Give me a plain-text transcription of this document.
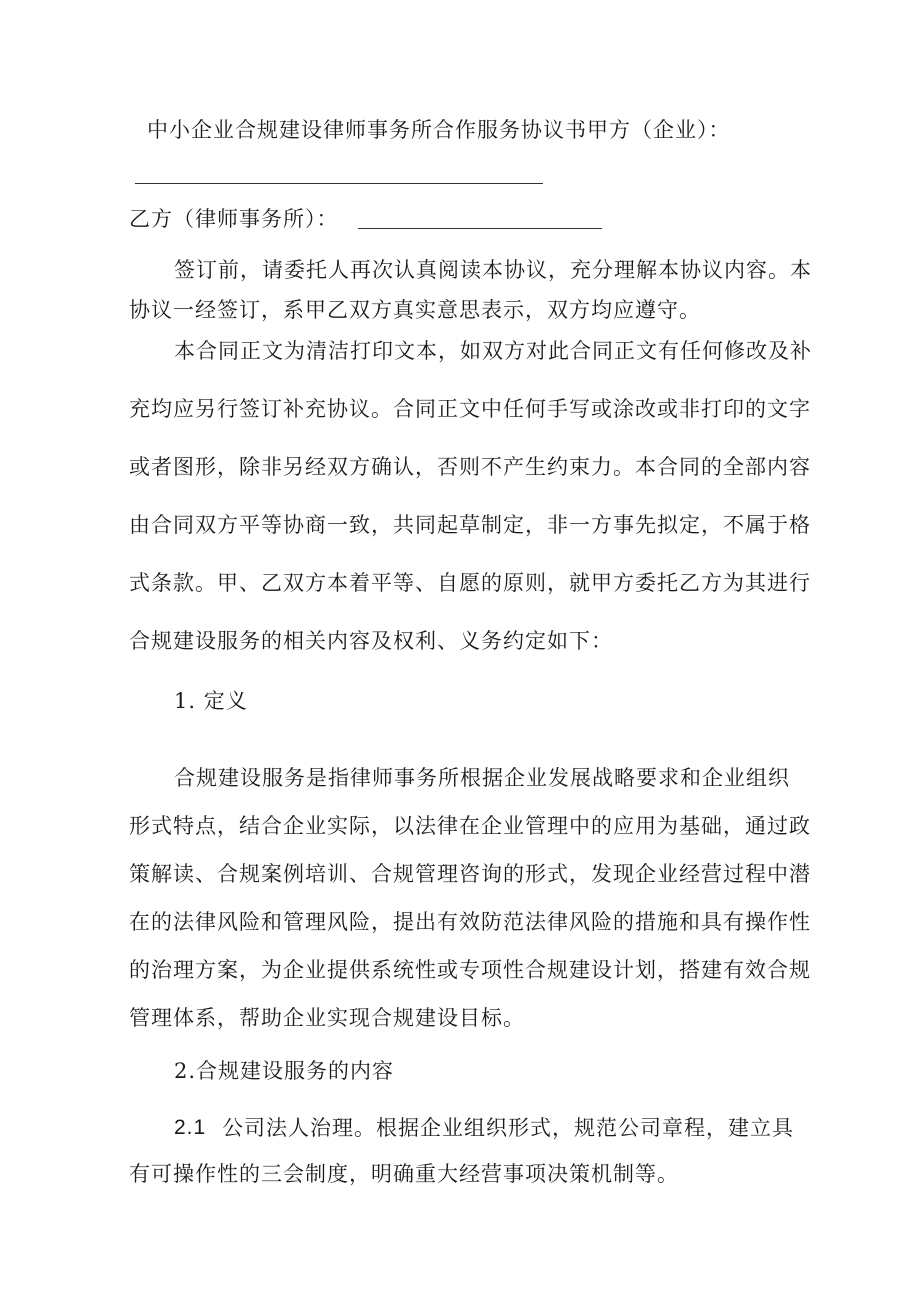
中小企业合规建设律师事务所合作服务协议书甲方（企业）：
乙方（律师事务所）：
签订前，请委托人再次认真阅读本协议，充分理解本协议内容。本
协议一经签订，系甲乙双方真实意思表示，双方均应遵守。
本合同正文为清洁打印文本，如双方对此合同正文有任何修改及补
充均应另行签订补充协议。合同正文中任何手写或涂改或非打印的文字
或者图形，除非另经双方确认，否则不产生约束力。本合同的全部内容
由合同双方平等协商一致，共同起草制定，非一方事先拟定，不属于格
式条款。甲、乙双方本着平等、自愿的原则，就甲方委托乙方为其进行
合规建设服务的相关内容及权利、义务约定如下：
1. 定义
合规建设服务是指律师事务所根据企业发展战略要求和企业组织
形式特点，结合企业实际，以法律在企业管理中的应用为基础，通过政
策解读、合规案例培训、合规管理咨询的形式，发现企业经营过程中潜
在的法律风险和管理风险，提出有效防范法律风险的措施和具有操作性
的治理方案，为企业提供系统性或专项性合规建设计划，搭建有效合规
管理体系，帮助企业实现合规建设目标。
2.合规建设服务的内容
2.1 公司法人治理。根据企业组织形式，规范公司章程，建立具
有可操作性的三会制度，明确重大经营事项决策机制等。
